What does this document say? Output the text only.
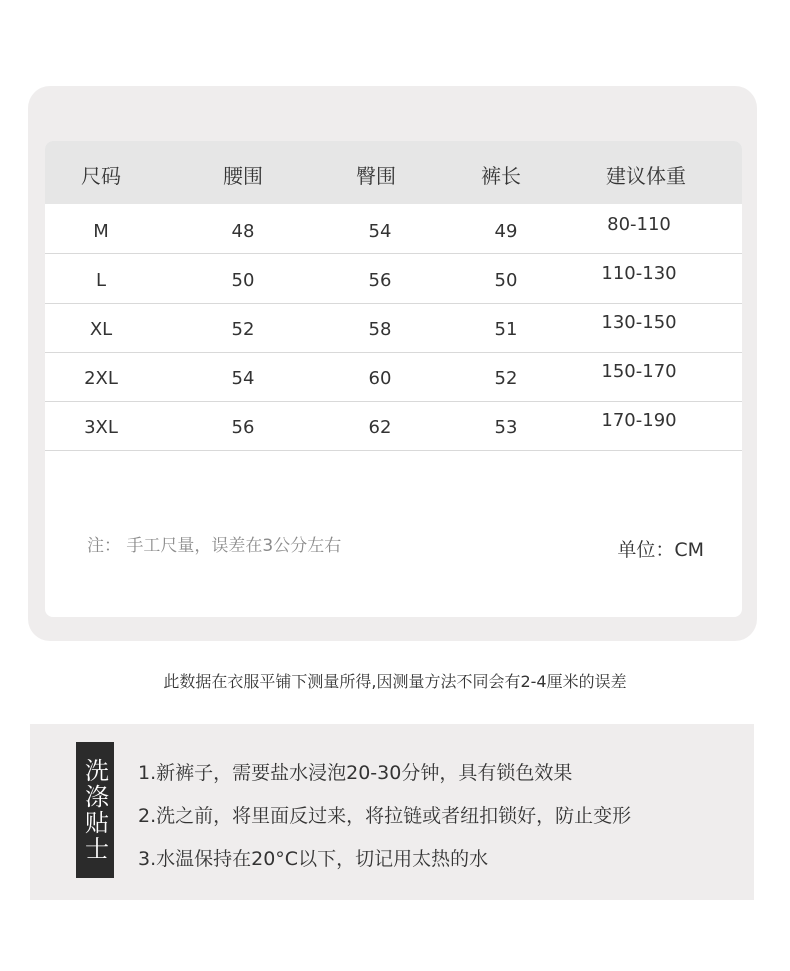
尺码	腰围	臀围	裤长	建议体重
M	48	54	49	80-110
L	50	56	50	110-130
XL	52	58	51	130-150
2XL	54	60	52	150-170
3XL	56	62	53	170-190
注： 手工尺量，误差在3公分左右	单位：CM
此数据在衣服平铺下测量所得,因测量方法不同会有2-4厘米的误差
洗涤贴士 1.新裤子，需要盐水浸泡20-30分钟，具有锁色效果
2.洗之前，将里面反过来，将拉链或者纽扣锁好，防止变形
3.水温保持在20°C以下，切记用太热的水
